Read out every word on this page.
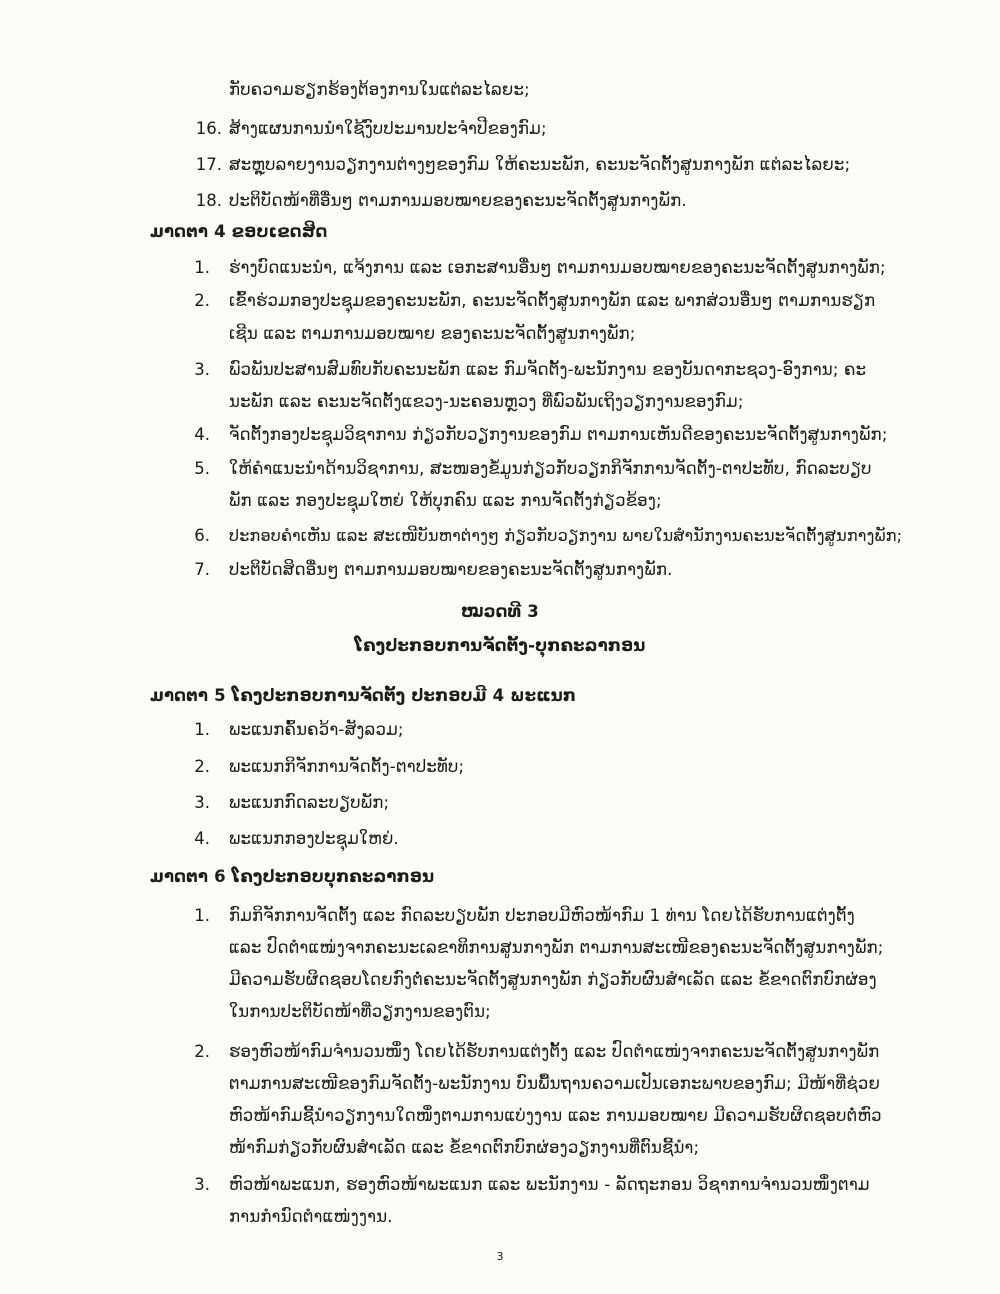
ກັບຄວາມຮຽກຮ້ອງຕ້ອງການໃນແຕ່ລະໄລຍະ;
16. ສ້າງແຜນການນຳໃຊ້ງົບປະມານປະຈຳປີຂອງກົມ;
17. ສະຫຼຸບລາຍງານວຽກງານຕ່າງໆຂອງກົມ ໃຫ້ຄະນະພັກ, ຄະນະຈັດຕັ້ງສູນກາງພັກ ແຕ່ລະໄລຍະ;
18. ປະຕິບັດໜ້າທີ່ອື່ນໆ ຕາມການມອບໝາຍຂອງຄະນະຈັດຕັ້ງສູນກາງພັກ.
ມາດຕາ 4 ຂອບເຂດສິດ
1. ຮ່າງບົດແນະນຳ, ແຈ້ງການ ແລະ ເອກະສານອື່ນໆ ຕາມການມອບໝາຍຂອງຄະນະຈັດຕັ້ງສູນກາງພັກ;
2. ເຂົ້າຮ່ວມກອງປະຊຸມຂອງຄະນະພັກ, ຄະນະຈັດຕັ້ງສູນກາງພັກ ແລະ ພາກສ່ວນອື່ນໆ ຕາມການຮຽກ
ເຊີນ ແລະ ຕາມການມອບໝາຍ ຂອງຄະນະຈັດຕັ້ງສູນກາງພັກ;
3. ພົວພັນປະສານສົມທົບກັບຄະນະພັກ ແລະ ກົມຈັດຕັ້ງ-ພະນັກງານ ຂອງບັນດາກະຊວງ-ອົງການ; ຄະ
ນະພັກ ແລະ ຄະນະຈັດຕັ້ງແຂວງ-ນະຄອນຫຼວງ ທີ່ພົວພັນເຖິງວຽກງານຂອງກົມ;
4. ຈັດຕັ້ງກອງປະຊຸມວິຊາການ ກ່ຽວກັບວຽກງານຂອງກົມ ຕາມການເຫັນດີຂອງຄະນະຈັດຕັ້ງສູນກາງພັກ;
5. ໃຫ້ຄຳແນະນຳດ້ານວິຊາການ, ສະໜອງຂໍ້ມູນກ່ຽວກັບວຽກກິຈັກການຈັດຕັ້ງ-ຕາປະທັບ, ກົດລະບຽບ
ພັກ ແລະ ກອງປະຊຸມໃຫຍ່ ໃຫ້ບຸກຄົນ ແລະ ການຈັດຕັ້ງກ່ຽວຂ້ອງ;
6. ປະກອບຄຳເຫັນ ແລະ ສະເໜີບັນຫາຕ່າງໆ ກ່ຽວກັບວຽກງານ ພາຍໃນສຳນັກງານຄະນະຈັດຕັ້ງສູນກາງພັກ;
7. ປະຕິບັດສິດອື່ນໆ ຕາມການມອບໝາຍຂອງຄະນະຈັດຕັ້ງສູນກາງພັກ.
ໝວດທີ 3
ໂຄງປະກອບການຈັດຕັ້ງ-ບຸກຄະລາກອນ
ມາດຕາ 5 ໂຄງປະກອບການຈັດຕັ້ງ ປະກອບມີ 4 ພະແນກ
1. ພະແນກຄົ້ນຄວ້າ-ສັງລວມ;
2. ພະແນກກິຈັກການຈັດຕັ້ງ-ຕາປະທັບ;
3. ພະແນກກົດລະບຽບພັກ;
4. ພະແນກກອງປະຊຸມໃຫຍ່.
ມາດຕາ 6 ໂຄງປະກອບບຸກຄະລາກອນ
1. ກົມກິຈັກການຈັດຕັ້ງ ແລະ ກົດລະບຽບພັກ ປະກອບມີຫົວໜ້າກົມ 1 ທ່ານ ໂດຍໄດ້ຮັບການແຕ່ງຕັ້ງ
ແລະ ປົດຕຳແໜ່ງຈາກຄະນະເລຂາທິການສູນກາງພັກ ຕາມການສະເໜີຂອງຄະນະຈັດຕັ້ງສູນກາງພັກ;
ມີຄວາມຮັບຜິດຊອບໂດຍກົງຕໍ່ຄະນະຈັດຕັ້ງສູນກາງພັກ ກ່ຽວກັບຜົນສຳເລັດ ແລະ ຂໍ້ຂາດຕົກບົກຜ່ອງ
ໃນການປະຕິບັດໜ້າທີ່ວຽກງານຂອງຕົນ;
2. ຮອງຫົວໜ້າກົມຈຳນວນໜຶ່ງ ໂດຍໄດ້ຮັບການແຕ່ງຕັ້ງ ແລະ ປົດຕຳແໜ່ງຈາກຄະນະຈັດຕັ້ງສູນກາງພັກ
ຕາມການສະເໜີຂອງກົມຈັດຕັ້ງ-ພະນັກງານ ບົນພື້ນຖານຄວາມເປັນເອກະພາບຂອງກົມ; ມີໜ້າທີ່ຊ່ວຍ
ຫົວໜ້າກົມຊີ້ນຳວຽກງານໃດໜຶ່ງຕາມການແບ່ງງານ ແລະ ການມອບໝາຍ ມີຄວາມຮັບຜິດຊອບຕໍ່ຫົວ
ໜ້າກົມກ່ຽວກັບຜົນສຳເລັດ ແລະ ຂໍ້ຂາດຕົກບົກຜ່ອງວຽກງານທີ່ຕົນຊີ້ນຳ;
3. ຫົວໜ້າພະແນກ, ຮອງຫົວໜ້າພະແນກ ແລະ ພະນັກງານ - ລັດຖະກອນ ວິຊາການຈຳນວນໜຶ່ງຕາມ
ການກຳນົດຕຳແໜ່ງງານ.
3
